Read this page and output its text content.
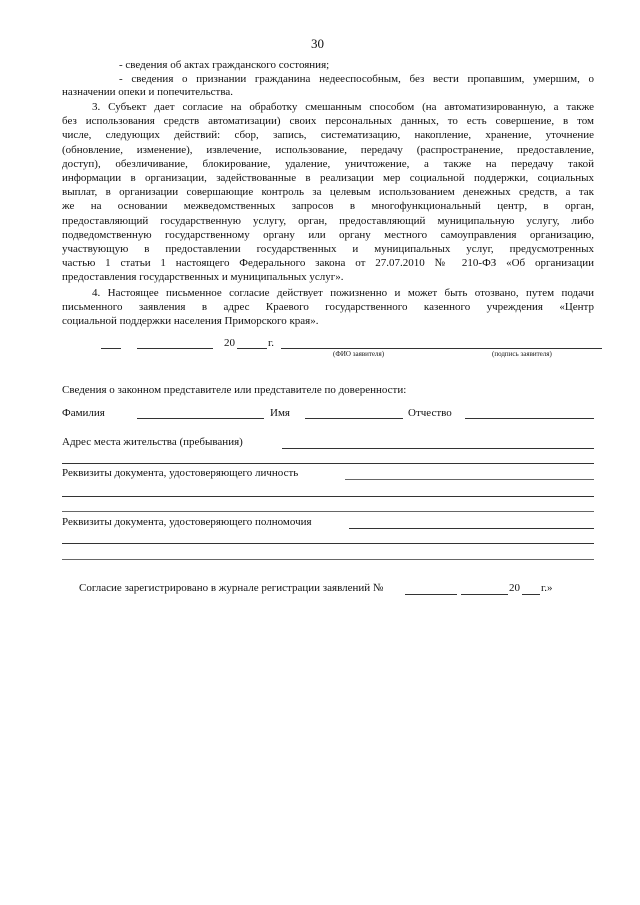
30
- сведения об актах гражданского состояния;
- сведения о признании гражданина недееспособным, без вести пропавшим, умершим, о
назначении опеки и попечительства.
3. Субъект дает согласие на обработку смешанным способом (на автоматизированную, а также
без использования средств автоматизации) своих персональных данных, то есть совершение, в том
числе, следующих действий: сбор, запись, систематизацию, накопление, хранение, уточнение
(обновление, изменение), извлечение, использование, передачу (распространение, предоставление,
доступ), обезличивание, блокирование, удаление, уничтожение, а также на передачу такой
информации в организации, задействованные в реализации мер социальной поддержки, социальных
выплат, в организации совершающие контроль за целевым использованием денежных средств, а так
же на основании межведомственных запросов в многофункциональный центр, в орган,
предоставляющий государственную услугу, орган, предоставляющий муниципальную услугу, либо
подведомственную государственному органу или органу местного самоуправления организацию,
участвующую в предоставлении государственных и муниципальных услуг, предусмотренных
частью 1 статьи 1 настоящего Федерального закона от 27.07.2010 № 210-ФЗ «Об организации
предоставления государственных и муниципальных услуг».
4. Настоящее письменное согласие действует пожизненно и может быть отозвано, путем подачи
письменного заявления в адрес Краевого государственного казенного учреждения «Центр
социальной поддержки населения Приморского края».
20	г.
(ФИО заявителя)	(подпись заявителя)
Сведения о законном представителе или представителе по доверенности:
Фамилия	Имя	Отчество
Адрес места жительства (пребывания)
Реквизиты документа, удостоверяющего личность
Реквизиты документа, удостоверяющего полномочия
Согласие зарегистрировано в журнале регистрации заявлений №	20 г.»
